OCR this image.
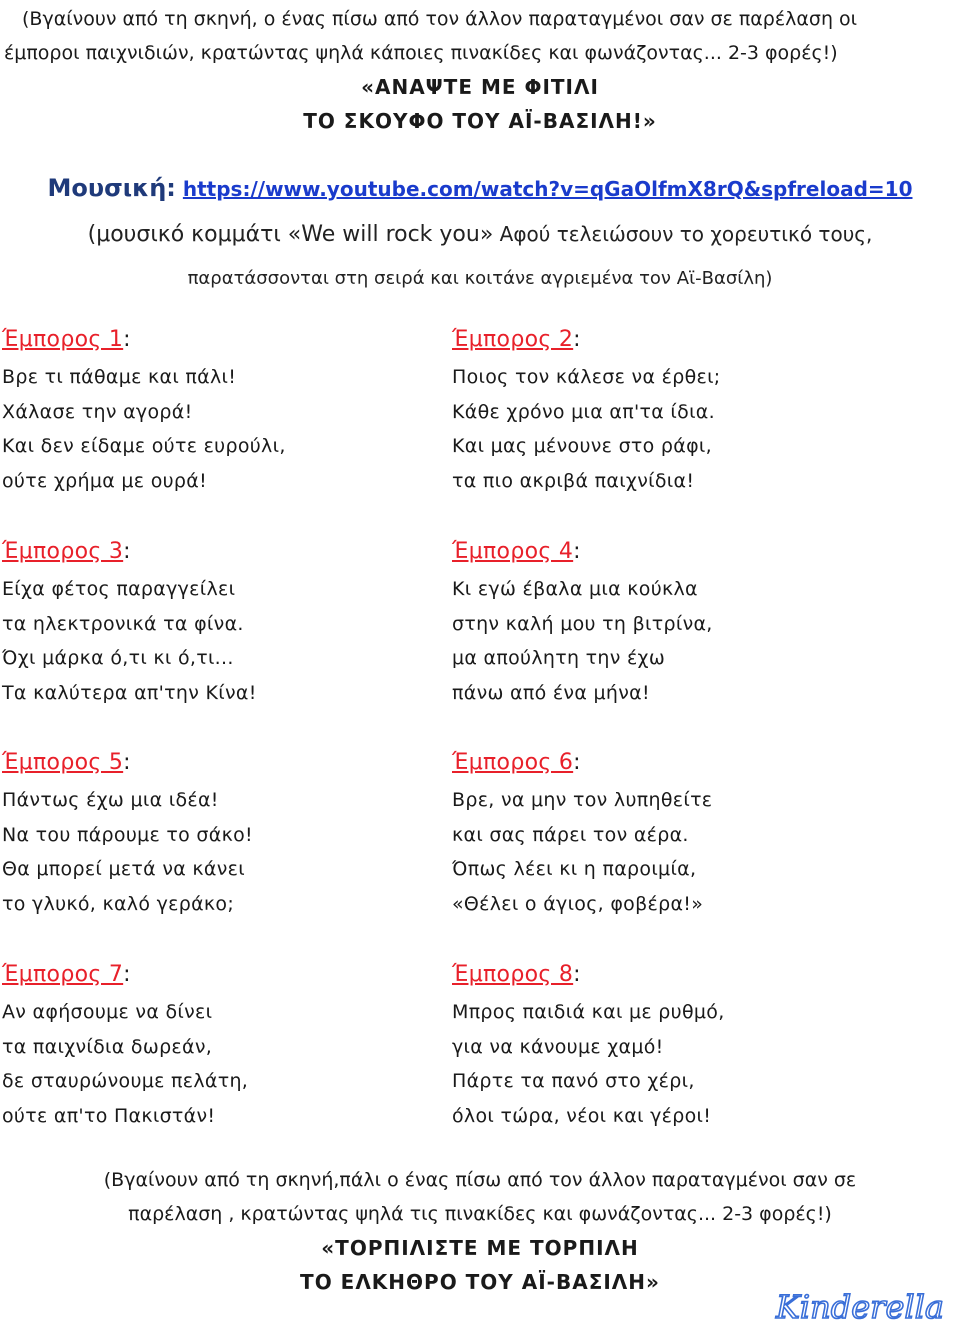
(Βγαίνουν από τη σκηνή, ο ένας πίσω από τον άλλον παραταγμένοι σαν σε παρέλαση οι
έμποροι παιχνιδιών, κρατώντας ψηλά κάποιες πινακίδες και φωνάζοντας... 2-3 φορές!)
«ΑΝΑΨΤΕ ΜΕ ΦΙΤΙΛΙ
ΤΟ ΣΚΟΥΦΟ ΤΟΥ ΑΪ-ΒΑΣΙΛΗ!»
Μουσική: https://www.youtube.com/watch?v=qGaOlfmX8rQ&spfreload=10
(μουσικό κομμάτι «We will rock you» Αφού τελειώσουν το χορευτικό τους,
παρατάσσονται στη σειρά και κοιτάνε αγριεμένα τον Αϊ-Βασίλη)
Έμπορος 1:
Βρε τι πάθαμε και πάλι!
Χάλασε την αγορά!
Και δεν είδαμε ούτε ευρούλι,
ούτε χρήμα με ουρά!
Έμπορος 2:
Ποιος τον κάλεσε να έρθει;
Κάθε χρόνο μια απ'τα ίδια.
Και μας μένουνε στο ράφι,
τα πιο ακριβά παιχνίδια!
Έμπορος 3:
Είχα φέτος παραγγείλει
τα ηλεκτρονικά τα φίνα.
Όχι μάρκα ό,τι κι ό,τι...
Τα καλύτερα απ'την Κίνα!
Έμπορος 4:
Κι εγώ έβαλα μια κούκλα
στην καλή μου τη βιτρίνα,
μα απούλητη την έχω
πάνω από ένα μήνα!
Έμπορος 5:
Πάντως έχω μια ιδέα!
Να του πάρουμε το σάκο!
Θα μπορεί μετά να κάνει
το γλυκό, καλό γεράκο;
Έμπορος 6:
Βρε, να μην τον λυπηθείτε
και σας πάρει τον αέρα.
Όπως λέει κι η παροιμία,
«Θέλει ο άγιος, φοβέρα!»
Έμπορος 7:
Αν αφήσουμε να δίνει
τα παιχνίδια δωρεάν,
δε σταυρώνουμε πελάτη,
ούτε απ'το Πακιστάν!
Έμπορος 8:
Μπρος παιδιά και με ρυθμό,
για να κάνουμε χαμό!
Πάρτε τα πανό στο χέρι,
όλοι τώρα, νέοι και γέροι!
(Βγαίνουν από τη σκηνή,πάλι ο ένας πίσω από τον άλλον παραταγμένοι σαν σε
παρέλαση , κρατώντας ψηλά τις πινακίδες και φωνάζοντας... 2-3 φορές!)
«ΤΟΡΠΙΛΙΣΤΕ ΜΕ ΤΟΡΠΙΛΗ
ΤΟ ΕΛΚΗΘΡΟ ΤΟΥ ΑΪ-ΒΑΣΙΛΗ»
Kinderella
